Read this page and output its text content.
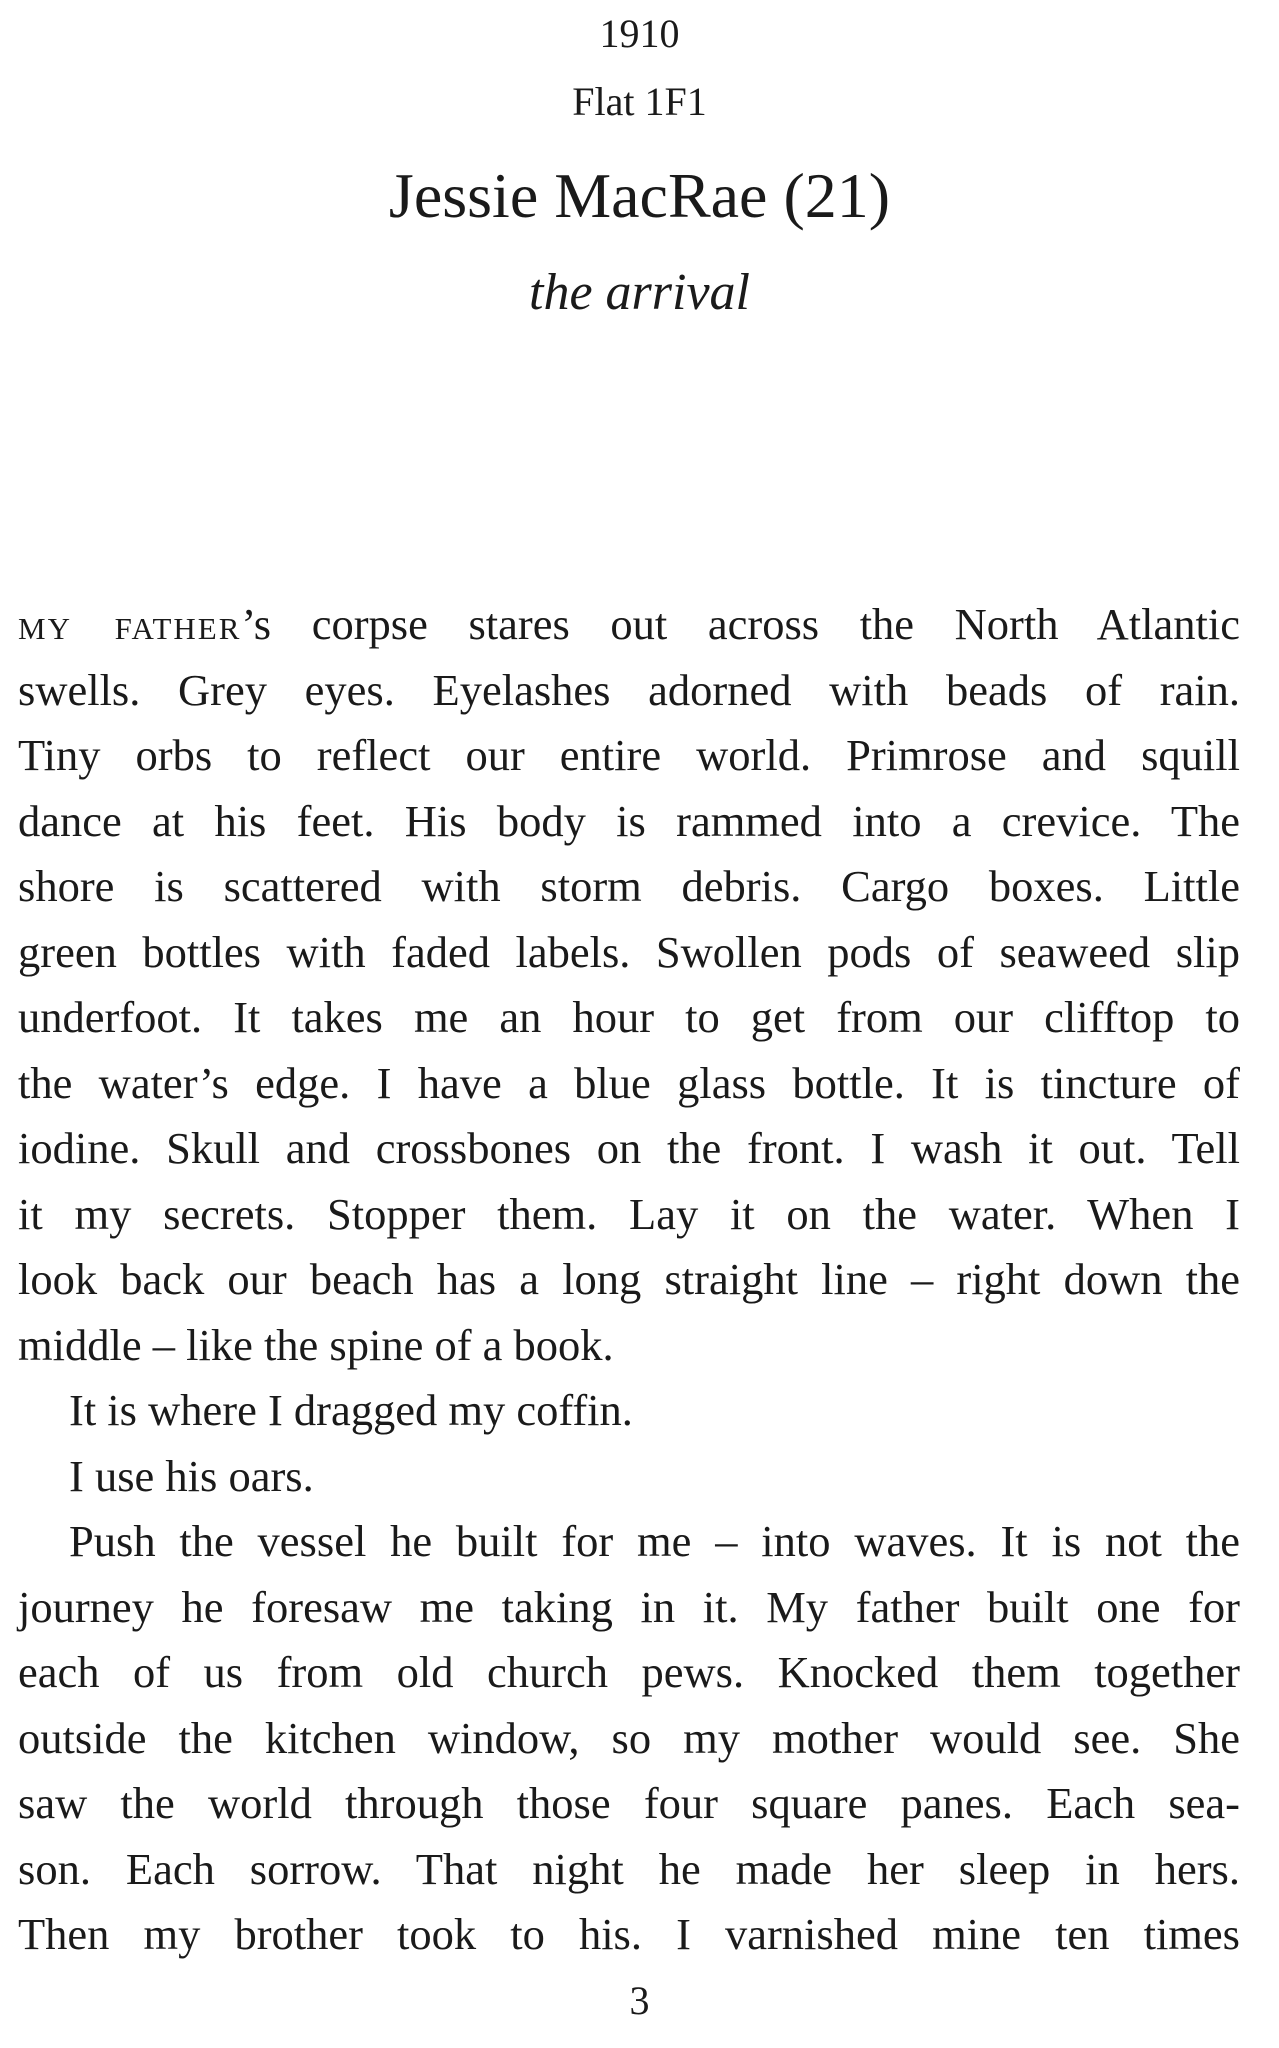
1910
Flat 1F1
Jessie MacRae (21)
the arrival

my father’s corpse stares out across the North Atlantic

swells. Grey eyes. Eyelashes adorned with beads of rain.

Tiny orbs to reflect our entire world. Primrose and squill

dance at his feet. His body is rammed into a crevice. The

shore is scattered with storm debris. Cargo boxes. Little

green bottles with faded labels. Swollen pods of seaweed slip

underfoot. It takes me an hour to get from our clifftop to

the water’s edge. I have a blue glass bottle. It is tincture of

iodine. Skull and crossbones on the front. I wash it out. Tell

it my secrets. Stopper them. Lay it on the water. When I

look back our beach has a long straight line – right down the

middle – like the spine of a book.

It is where I dragged my coffin.

I use his oars.

Push the vessel he built for me – into waves. It is not the

journey he foresaw me taking in it. My father built one for

each of us from old church pews. Knocked them together

outside the kitchen window, so my mother would see. She

saw the world through those four square panes. Each sea-

son. Each sorrow. That night he made her sleep in hers.

Then my brother took to his. I varnished mine ten times

3
